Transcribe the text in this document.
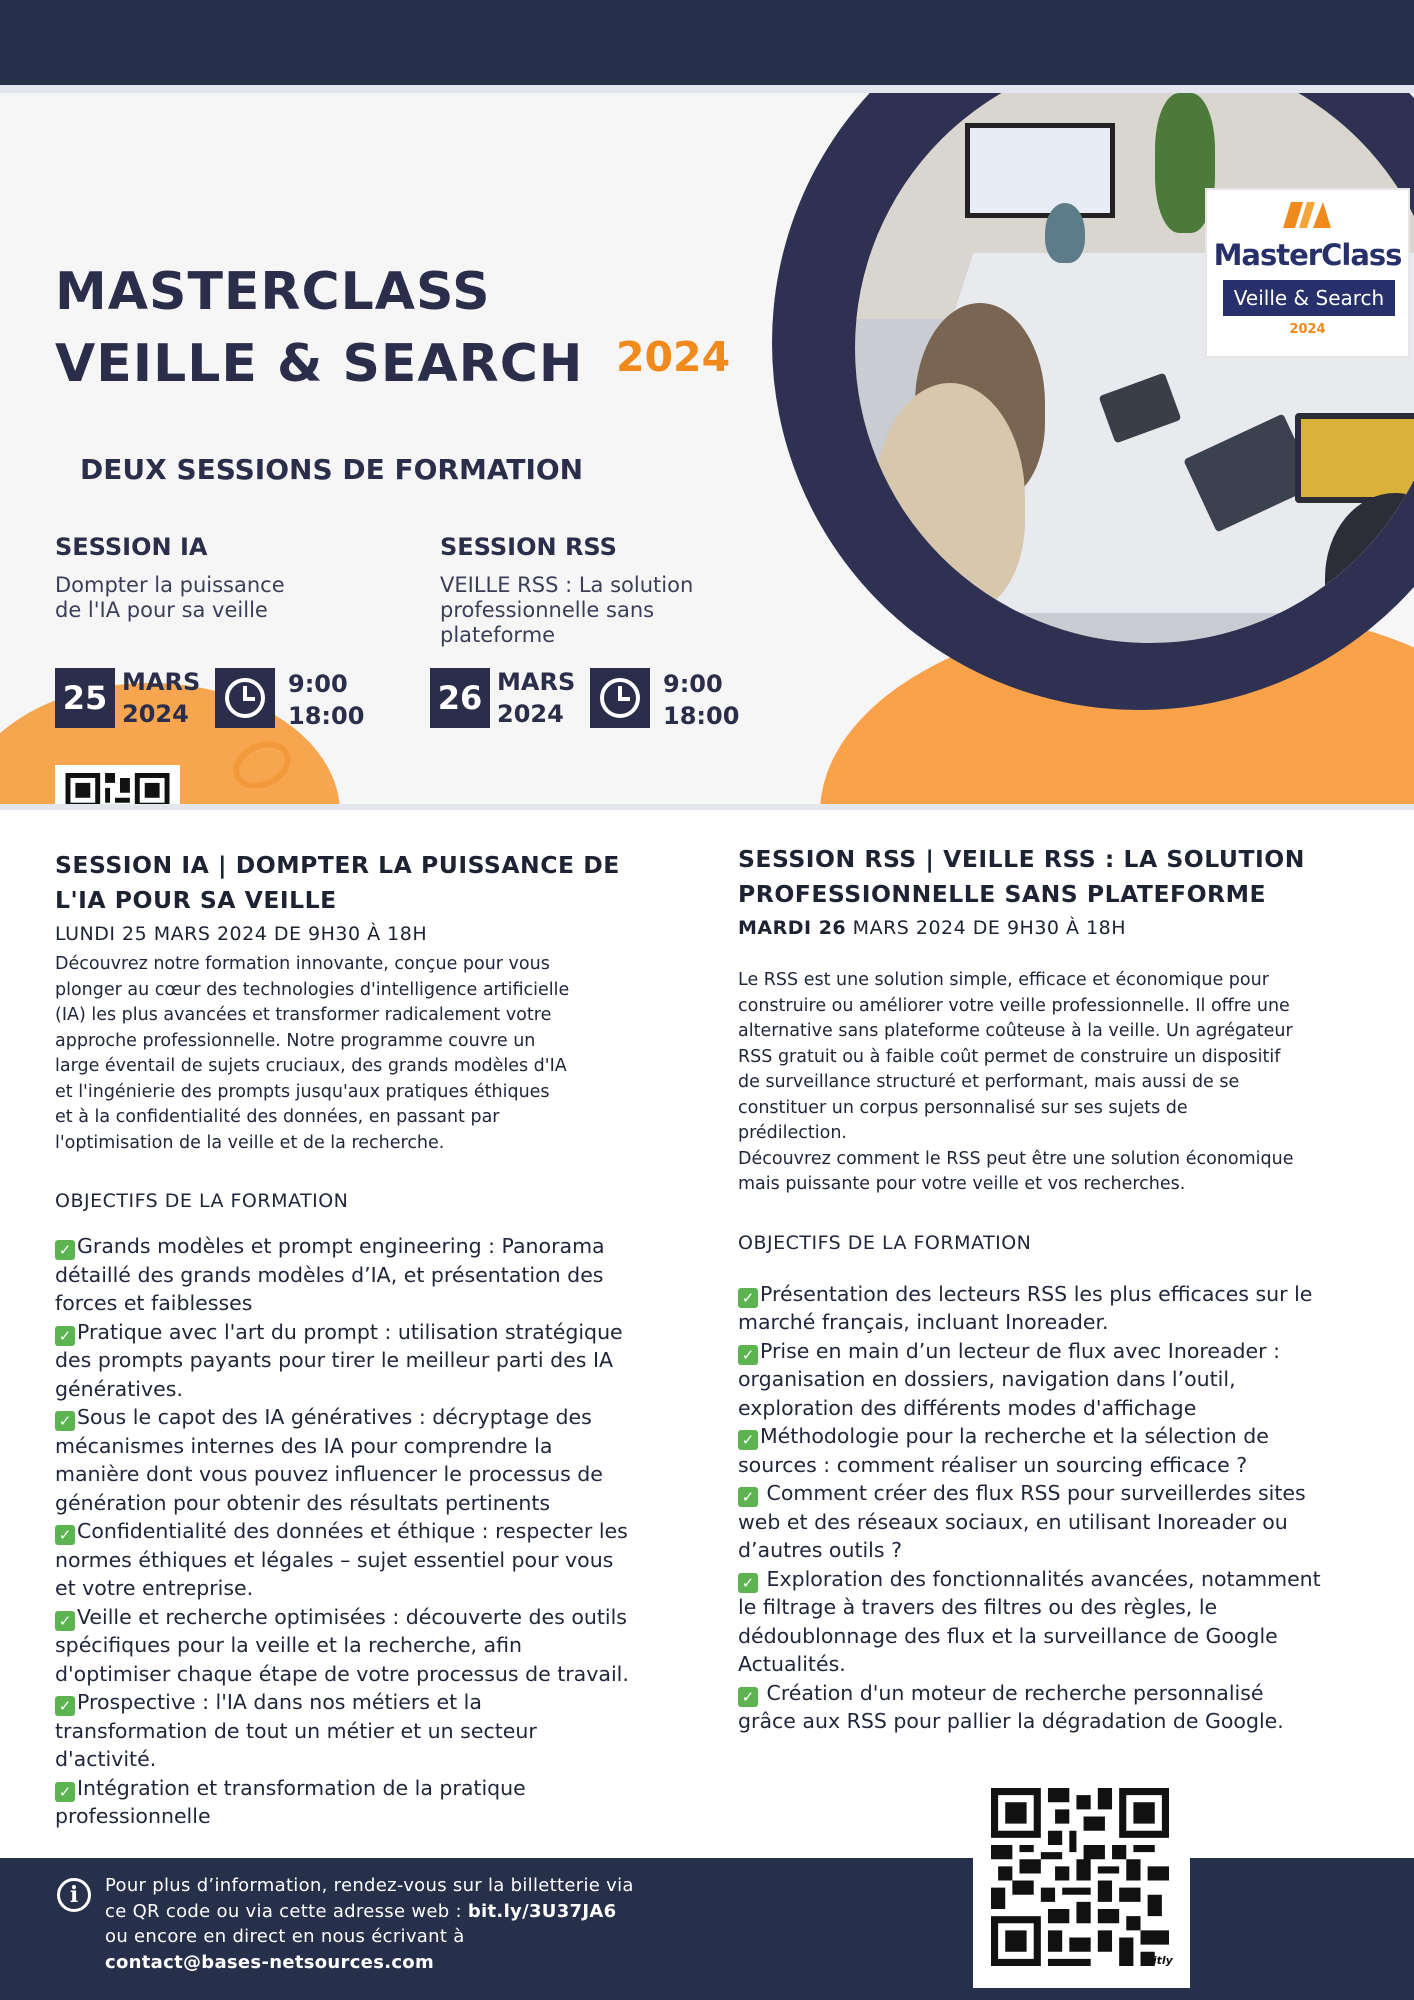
MasterClass
Veille & Search
2024
MASTERCLASS
VEILLE & SEARCH 2024
DEUX SESSIONS DE FORMATION
SESSION IA
Dompter la puissance
de l'IA pour sa veille
25 MARS
2024
9:00
18:00
SESSION RSS
VEILLE RSS : La solution
professionnelle sans
plateforme
26 MARS
2024
9:00
18:00
SESSION IA | DOMPTER LA PUISSANCE DE
L'IA POUR SA VEILLE
LUNDI 25 MARS 2024 DE 9H30 À 18H
Découvrez notre formation innovante, conçue pour vous
plonger au cœur des technologies d'intelligence artificielle
(IA) les plus avancées et transformer radicalement votre
approche professionnelle. Notre programme couvre un
large éventail de sujets cruciaux, des grands modèles d'IA
et l'ingénierie des prompts jusqu'aux pratiques éthiques
et à la confidentialité des données, en passant par
l'optimisation de la veille et de la recherche.
OBJECTIFS DE LA FORMATION
✓ Grands modèles et prompt engineering : Panorama
détaillé des grands modèles d’IA, et présentation des
forces et faiblesses
✓ Pratique avec l'art du prompt : utilisation stratégique
des prompts payants pour tirer le meilleur parti des IA
génératives.
✓ Sous le capot des IA génératives : décryptage des
mécanismes internes des IA pour comprendre la
manière dont vous pouvez influencer le processus de
génération pour obtenir des résultats pertinents
✓ Confidentialité des données et éthique : respecter les
normes éthiques et légales – sujet essentiel pour vous
et votre entreprise.
✓ Veille et recherche optimisées : découverte des outils
spécifiques pour la veille et la recherche, afin
d'optimiser chaque étape de votre processus de travail.
✓ Prospective : l'IA dans nos métiers et la
transformation de tout un métier et un secteur
d'activité.
✓ Intégration et transformation de la pratique
professionnelle
SESSION RSS | VEILLE RSS : LA SOLUTION
PROFESSIONNELLE SANS PLATEFORME
MARDI 26 MARS 2024 DE 9H30 À 18H
Le RSS est une solution simple, efficace et économique pour
construire ou améliorer votre veille professionnelle. Il offre une
alternative sans plateforme coûteuse à la veille. Un agrégateur
RSS gratuit ou à faible coût permet de construire un dispositif
de surveillance structuré et performant, mais aussi de se
constituer un corpus personnalisé sur ses sujets de
prédilection.
Découvrez comment le RSS peut être une solution économique
mais puissante pour votre veille et vos recherches.
OBJECTIFS DE LA FORMATION
✓ Présentation des lecteurs RSS les plus efficaces sur le
marché français, incluant Inoreader.
✓ Prise en main d’un lecteur de flux avec Inoreader :
organisation en dossiers, navigation dans l’outil,
exploration des différents modes d'affichage
✓ Méthodologie pour la recherche et la sélection de
sources : comment réaliser un sourcing efficace ?
✓ Comment créer des flux RSS pour surveillerdes sites
web et des réseaux sociaux, en utilisant Inoreader ou
d’autres outils ?
✓ Exploration des fonctionnalités avancées, notamment
le filtrage à travers des filtres ou des règles, le
dédoublonnage des flux et la surveillance de Google
Actualités.
✓ Création d'un moteur de recherche personnalisé
grâce aux RSS pour pallier la dégradation de Google.
i	Pour plus d’information, rendez-vous sur la billetterie via
ce QR code ou via cette adresse web : bit.ly/3U37JA6
ou encore en direct en nous écrivant à
contact@bases-netsources.com	bitly
